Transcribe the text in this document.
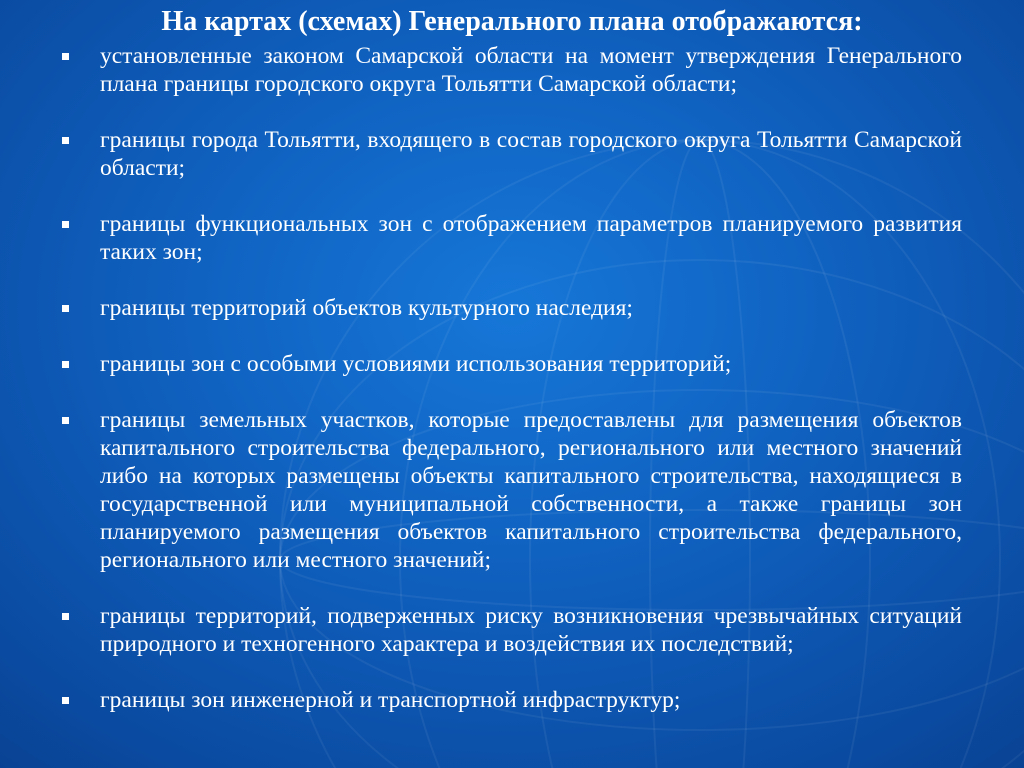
На картах (схемах) Генерального плана отображаются:
установленные законом Самарской области на момент утверждения Генерального плана границы городского округа Тольятти Самарской области;
границы города Тольятти, входящего в состав городского округа Тольятти Самарской области;
границы функциональных зон с отображением параметров планируемого развития таких зон;
границы территорий объектов культурного наследия;
границы зон с особыми условиями использования территорий;
границы земельных участков, которые предоставлены для размещения объектов капитального строительства федерального, регионального или местного значений либо на которых размещены объекты капитального строительства, находящиеся в государственной или муниципальной собственности, а также границы зон планируемого размещения объектов капитального строительства федерального, регионального или местного значений;
границы территорий, подверженных риску возникновения чрезвычайных ситуаций природного и техногенного характера и воздействия их последствий;
границы зон инженерной и транспортной инфраструктур;
